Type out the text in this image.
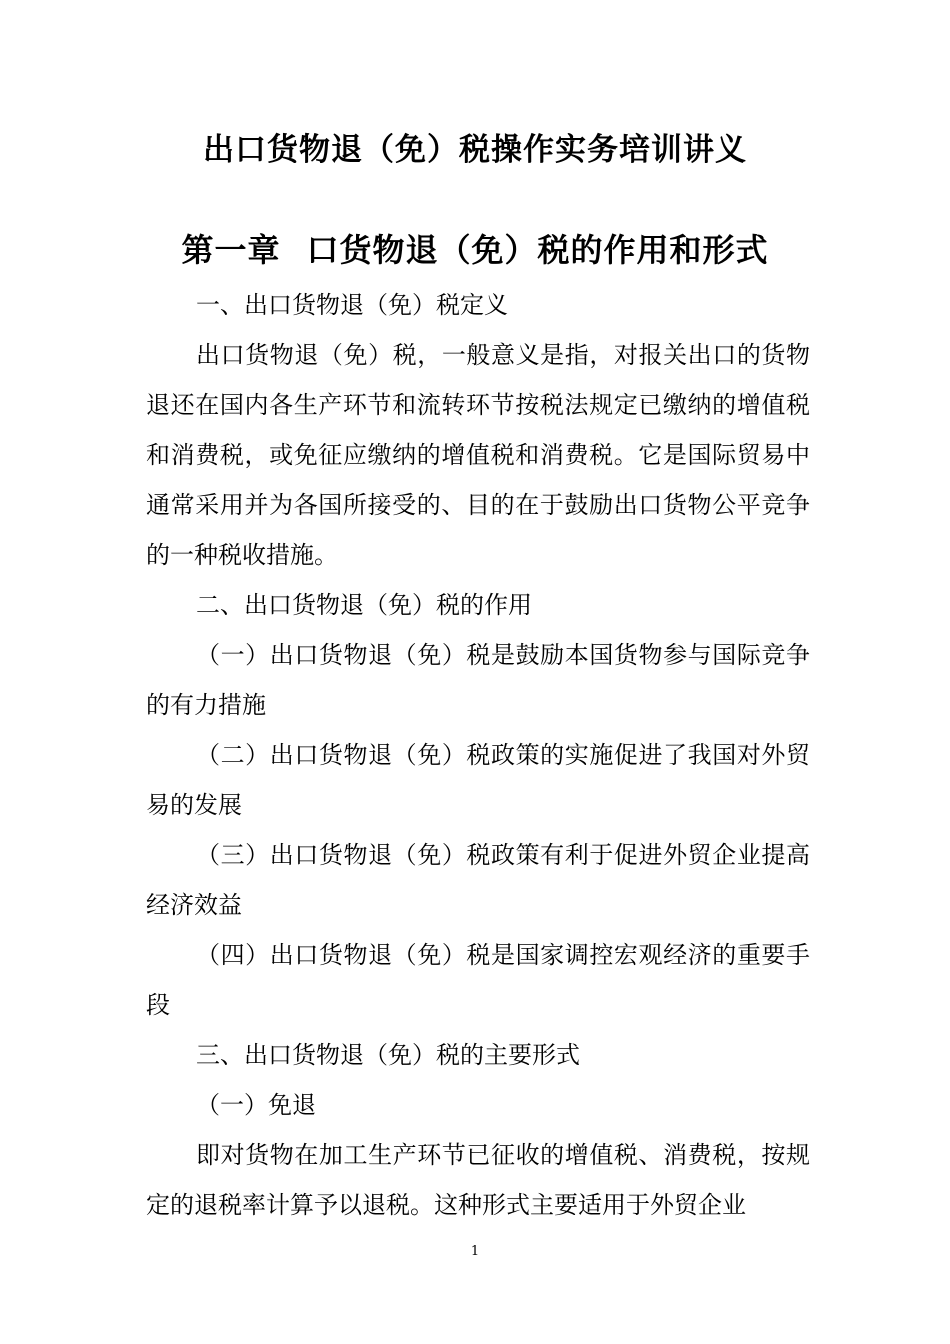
出口货物退（免）税操作实务培训讲义
第一章 口货物退（免）税的作用和形式

一、出口货物退（免）税定义

出口货物退（免）税，一般意义是指，对报关出口的货物退还在国内各生产环节和流转环节按税法规定已缴纳的增值税和消费税，或免征应缴纳的增值税和消费税。它是国际贸易中通常采用并为各国所接受的、目的在于鼓励出口货物公平竞争的一种税收措施。

二、出口货物退（免）税的作用

（一）出口货物退（免）税是鼓励本国货物参与国际竞争的有力措施

（二）出口货物退（免）税政策的实施促进了我国对外贸易的发展

（三）出口货物退（免）税政策有利于促进外贸企业提高经济效益

（四）出口货物退（免）税是国家调控宏观经济的重要手段

三、出口货物退（免）税的主要形式

（一）免退

即对货物在加工生产环节已征收的增值税、消费税，按规定的退税率计算予以退税。这种形式主要适用于外贸企业

1
